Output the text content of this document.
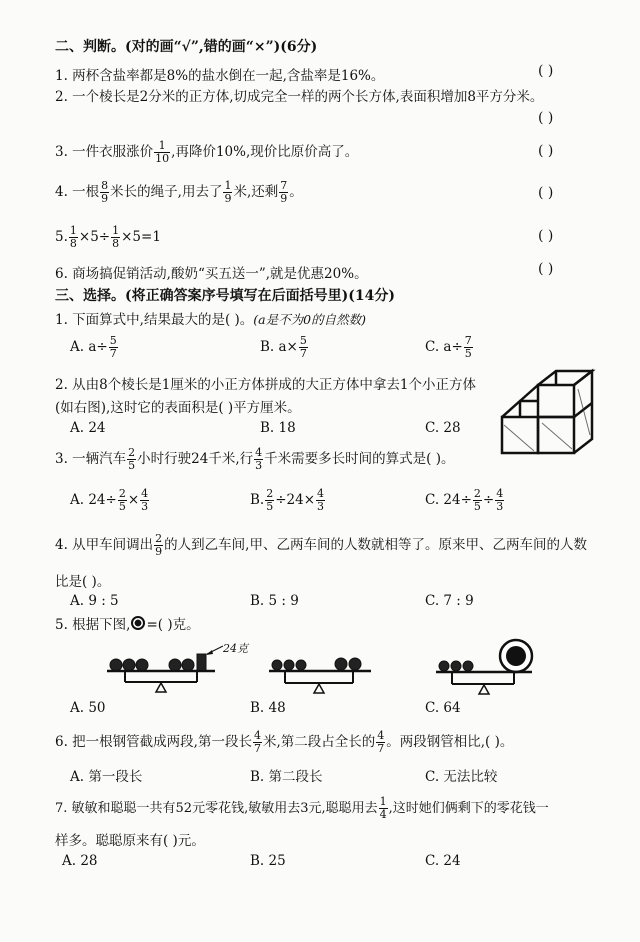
二、判断。(对的画“√”,错的画“×”)(6分)
1. 两杯含盐率都是8%的盐水倒在一起,含盐率是16%。	( )
2. 一个棱长是2分米的正方体,切成完全一样的两个长方体,表面积增加8平方分米。
( )
3. 一件衣服涨价 $\frac{1}{10}$ ,再降价10%,现价比原价高了。	( )
4. 一根 $\frac{8}{9}$ 米长的绳子,用去了 $\frac{1}{9}$ 米,还剩 $\frac{7}{9}$ 。	( )
5. $\frac{1}{8} \times 5\div \frac{1}{8} \times 5=1$	( )
6. 商场搞促销活动,酸奶“买五送一”,就是优惠20%。	( )
三、选择。(将正确答案序号填写在后面括号里)(14分)
1. 下面算式中,结果最大的是( )。(a是不为0的自然数)
A. $a\div \frac{5}{7}$	B. $a\times \frac{5}{7}$	C. $a\div \frac{7}{5}$
2. 从由8个棱长是1厘米的小正方体拼成的大正方体中拿去1个小正方体
(如右图),这时它的表面积是( )平方厘米。
A. 24	B. 18	C. 28
3. 一辆汽车 $\frac{2}{5}$ 小时行驶24千米,行 $\frac{4}{3}$ 千米需要多长时间的算式是( )。
A. $24\div \frac{2}{5} \times \frac{4}{3}$	B. $\frac{2}{5} \div 24\times \frac{4}{3}$	C. $24\div \frac{2}{5} \div \frac{4}{3}$
4. 从甲车间调出 $\frac{2}{9}$ 的人到乙车间,甲、乙两车间的人数就相等了。原来甲、乙两车间的人数
比是( )。
A. 9 : 5	B. 5 : 9	C. 7 : 9
5. 根据下图, =( )克。
24克
A. 50	B. 48	C. 64
6. 把一根钢管截成两段,第一段长 $\frac{4}{7}$ 米,第二段占全长的 $\frac{4}{7}$ 。两段钢管相比,( )。
A. 第一段长	B. 第二段长	C. 无法比较
7. 敏敏和聪聪一共有52元零花钱,敏敏用去3元,聪聪用去 $\frac{1}{4}$ ,这时她们俩剩下的零花钱一
样多。聪聪原来有( )元。
A. 28	B. 25	C. 24
